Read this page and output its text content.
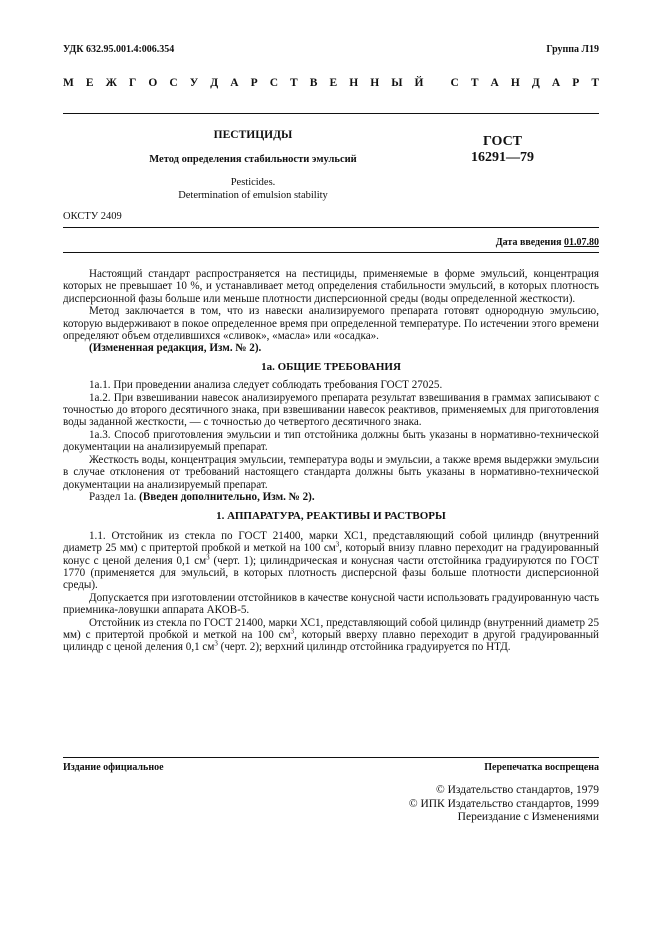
УДК 632.95.001.4:006.354	Группа Л19
М Е Ж Г О С У Д А Р С Т В Е Н Н Ы Й
С Т А Н Д А Р Т
ПЕСТИЦИДЫ
Метод определения стабильности эмульсий
Pesticides.
Determination of emulsion stability
ГОСТ
16291—79
ОКСТУ 2409
Дата введения 01.07.80

Настоящий стандарт распространяется на пестициды, применяемые в форме эмульсий, концентрация которых не превышает 10 %, и устанавливает метод определения стабильности эмульсий, в которых плотность дисперсионной фазы больше или меньше плотности дисперсионной среды (воды определенной жесткости).

Метод заключается в том, что из навески анализируемого препарата готовят однородную эмульсию, которую выдерживают в покое определенное время при определенной температуре. По истечении этого времени определяют объем отделившихся «сливок», «масла» или «осадка».

(Измененная редакция, Изм. № 2).

1а. ОБЩИЕ ТРЕБОВАНИЯ

1а.1. При проведении анализа следует соблюдать требования ГОСТ 27025.

1а.2. При взвешивании навесок анализируемого препарата результат взвешивания в граммах записывают с точностью до второго десятичного знака, при взвешивании навесок реактивов, применяемых для приготовления воды заданной жесткости, — с точностью до четвертого десятичного знака.

1а.3. Способ приготовления эмульсии и тип отстойника должны быть указаны в нормативно-технической документации на анализируемый препарат.

Жесткость воды, концентрация эмульсии, температура воды и эмульсии, а также время выдержки эмульсии в случае отклонения от требований настоящего стандарта должны быть указаны в нормативно-технической документации на анализируемый препарат.

Раздел 1а. (Введен дополнительно, Изм. № 2).

1. АППАРАТУРА, РЕАКТИВЫ И РАСТВОРЫ

1.1. Отстойник из стекла по ГОСТ 21400, марки ХС1, представляющий собой цилиндр (внутренний диаметр 25 мм) с притертой пробкой и меткой на 100 $см^3$, который внизу плавно переходит на градуированный конус с ценой деления 0,1 $см^3$ (черт. 1); цилиндрическая и конусная части отстойника градуируются по ГОСТ 1770 (применяется для эмульсий, в которых плотность дисперсной фазы больше плотности дисперсионной среды).

Допускается при изготовлении отстойников в качестве конусной части использовать градуированную часть приемника-ловушки аппарата АКОВ-5.

Отстойник из стекла по ГОСТ 21400, марки ХС1, представляющий собой цилиндр (внутренний диаметр 25 мм) с притертой пробкой и меткой на 100 $см^3$, который вверху плавно переходит в другой градуированный цилиндр с ценой деления 0,1 $см^3$ (черт. 2); верхний цилиндр отстойника градуируется по НТД.

Издание официальное	Перепечатка воспрещена
© Издательство стандартов, 1979
© ИПК Издательство стандартов, 1999
Переиздание с Изменениями
